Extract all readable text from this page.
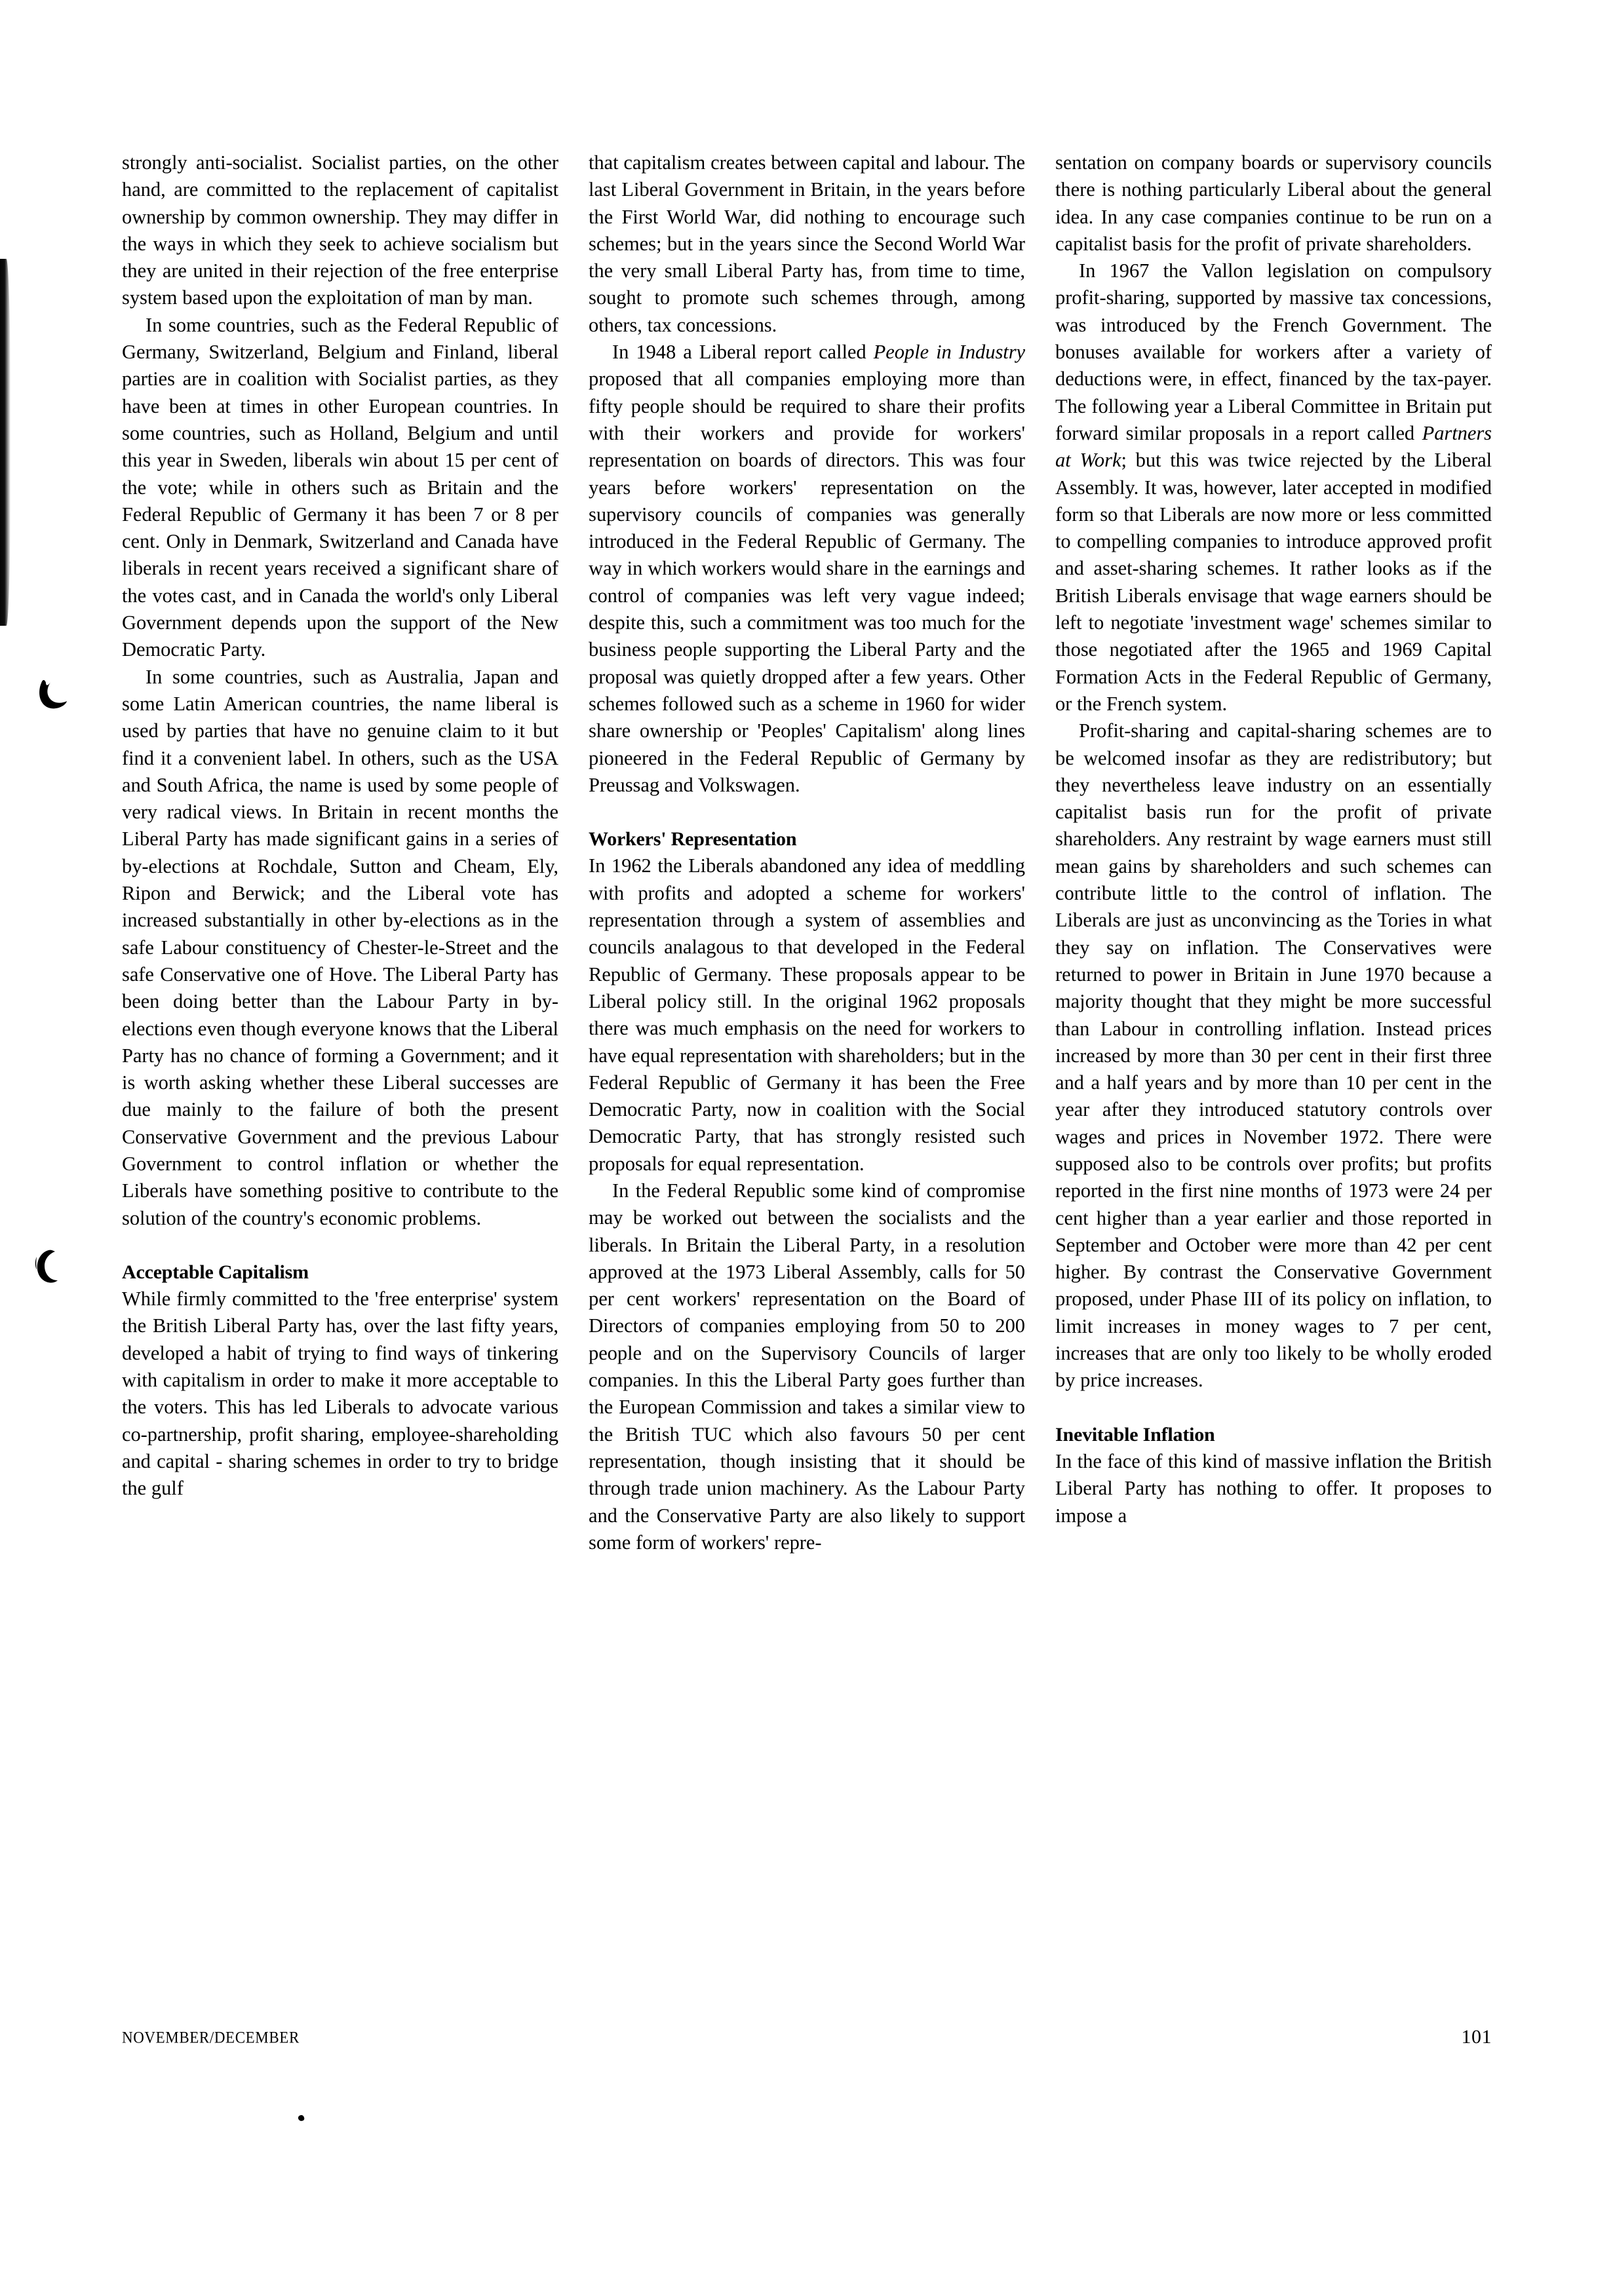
strongly anti-socialist. Socialist parties, on the other hand, are committed to the replacement of capitalist ownership by common ownership. They may differ in the ways in which they seek to achieve socialism but they are united in their rejection of the free enterprise system based upon the exploitation of man by man.

In some countries, such as the Federal Republic of Germany, Switzerland, Belgium and Finland, liberal parties are in coalition with Socialist parties, as they have been at times in other European countries. In some countries, such as Holland, Belgium and until this year in Sweden, liberals win about 15 per cent of the vote; while in others such as Britain and the Federal Republic of Germany it has been 7 or 8 per cent. Only in Denmark, Switzerland and Canada have liberals in recent years received a significant share of the votes cast, and in Canada the world's only Liberal Government depends upon the support of the New Democratic Party.

In some countries, such as Australia, Japan and some Latin American countries, the name liberal is used by parties that have no genuine claim to it but find it a convenient label. In others, such as the USA and South Africa, the name is used by some people of very radical views. In Britain in recent months the Liberal Party has made significant gains in a series of by-elections at Rochdale, Sutton and Cheam, Ely, Ripon and Berwick; and the Liberal vote has increased substantially in other by-elections as in the safe Labour constituency of Chester-le-Street and the safe Conservative one of Hove. The Liberal Party has been doing better than the Labour Party in by-elections even though everyone knows that the Liberal Party has no chance of forming a Government; and it is worth asking whether these Liberal successes are due mainly to the failure of both the present Conservative Government and the previous Labour Government to control inflation or whether the Liberals have something positive to contribute to the solution of the country's economic problems.

Acceptable Capitalism

While firmly committed to the 'free enterprise' system the British Liberal Party has, over the last fifty years, developed a habit of trying to find ways of tinkering with capitalism in order to make it more acceptable to the voters. This has led Liberals to advocate various co-partnership, profit sharing, employee-shareholding and capital - sharing schemes in order to try to bridge the gulf

that capitalism creates between capital and labour. The last Liberal Government in Britain, in the years before the First World War, did nothing to encourage such schemes; but in the years since the Second World War the very small Liberal Party has, from time to time, sought to promote such schemes through, among others, tax concessions.

In 1948 a Liberal report called People in Industry proposed that all companies employing more than fifty people should be required to share their profits with their workers and provide for workers' representation on boards of directors. This was four years before workers' representation on the supervisory councils of companies was generally introduced in the Federal Republic of Germany. The way in which workers would share in the earnings and control of companies was left very vague indeed; despite this, such a commitment was too much for the business people supporting the Liberal Party and the proposal was quietly dropped after a few years. Other schemes followed such as a scheme in 1960 for wider share ownership or 'Peoples' Capitalism' along lines pioneered in the Federal Republic of Germany by Preussag and Volkswagen.

Workers' Representation

In 1962 the Liberals abandoned any idea of meddling with profits and adopted a scheme for workers' representation through a system of assemblies and councils analagous to that developed in the Federal Republic of Germany. These proposals appear to be Liberal policy still. In the original 1962 proposals there was much emphasis on the need for workers to have equal representation with shareholders; but in the Federal Republic of Germany it has been the Free Democratic Party, now in coalition with the Social Democratic Party, that has strongly resisted such proposals for equal representation.

In the Federal Republic some kind of compromise may be worked out between the socialists and the liberals. In Britain the Liberal Party, in a resolution approved at the 1973 Liberal Assembly, calls for 50 per cent workers' representation on the Board of Directors of companies employing from 50 to 200 people and on the Supervisory Councils of larger companies. In this the Liberal Party goes further than the European Commission and takes a similar view to the British TUC which also favours 50 per cent representation, though insisting that it should be through trade union machinery. As the Labour Party and the Conservative Party are also likely to support some form of workers' repre-

sentation on company boards or supervisory councils there is nothing particularly Liberal about the general idea. In any case companies continue to be run on a capitalist basis for the profit of private shareholders.

In 1967 the Vallon legislation on compulsory profit-sharing, supported by massive tax concessions, was introduced by the French Government. The bonuses available for workers after a variety of deductions were, in effect, financed by the tax-payer. The following year a Liberal Committee in Britain put forward similar proposals in a report called Partners at Work; but this was twice rejected by the Liberal Assembly. It was, however, later accepted in modified form so that Liberals are now more or less committed to compelling companies to introduce approved profit and asset-sharing schemes. It rather looks as if the British Liberals envisage that wage earners should be left to negotiate 'investment wage' schemes similar to those negotiated after the 1965 and 1969 Capital Formation Acts in the Federal Republic of Germany, or the French system.

Profit-sharing and capital-sharing schemes are to be welcomed insofar as they are redistributory; but they nevertheless leave industry on an essentially capitalist basis run for the profit of private shareholders. Any restraint by wage earners must still mean gains by shareholders and such schemes can contribute little to the control of inflation. The Liberals are just as unconvincing as the Tories in what they say on inflation. The Conservatives were returned to power in Britain in June 1970 because a majority thought that they might be more successful than Labour in controlling inflation. Instead prices increased by more than 30 per cent in their first three and a half years and by more than 10 per cent in the year after they introduced statutory controls over wages and prices in November 1972. There were supposed also to be controls over profits; but profits reported in the first nine months of 1973 were 24 per cent higher than a year earlier and those reported in September and October were more than 42 per cent higher. By contrast the Conservative Government proposed, under Phase III of its policy on inflation, to limit increases in money wages to 7 per cent, increases that are only too likely to be wholly eroded by price increases.

Inevitable Inflation

In the face of this kind of massive inflation the British Liberal Party has nothing to offer. It proposes to impose a

NOVEMBER/DECEMBER	101
